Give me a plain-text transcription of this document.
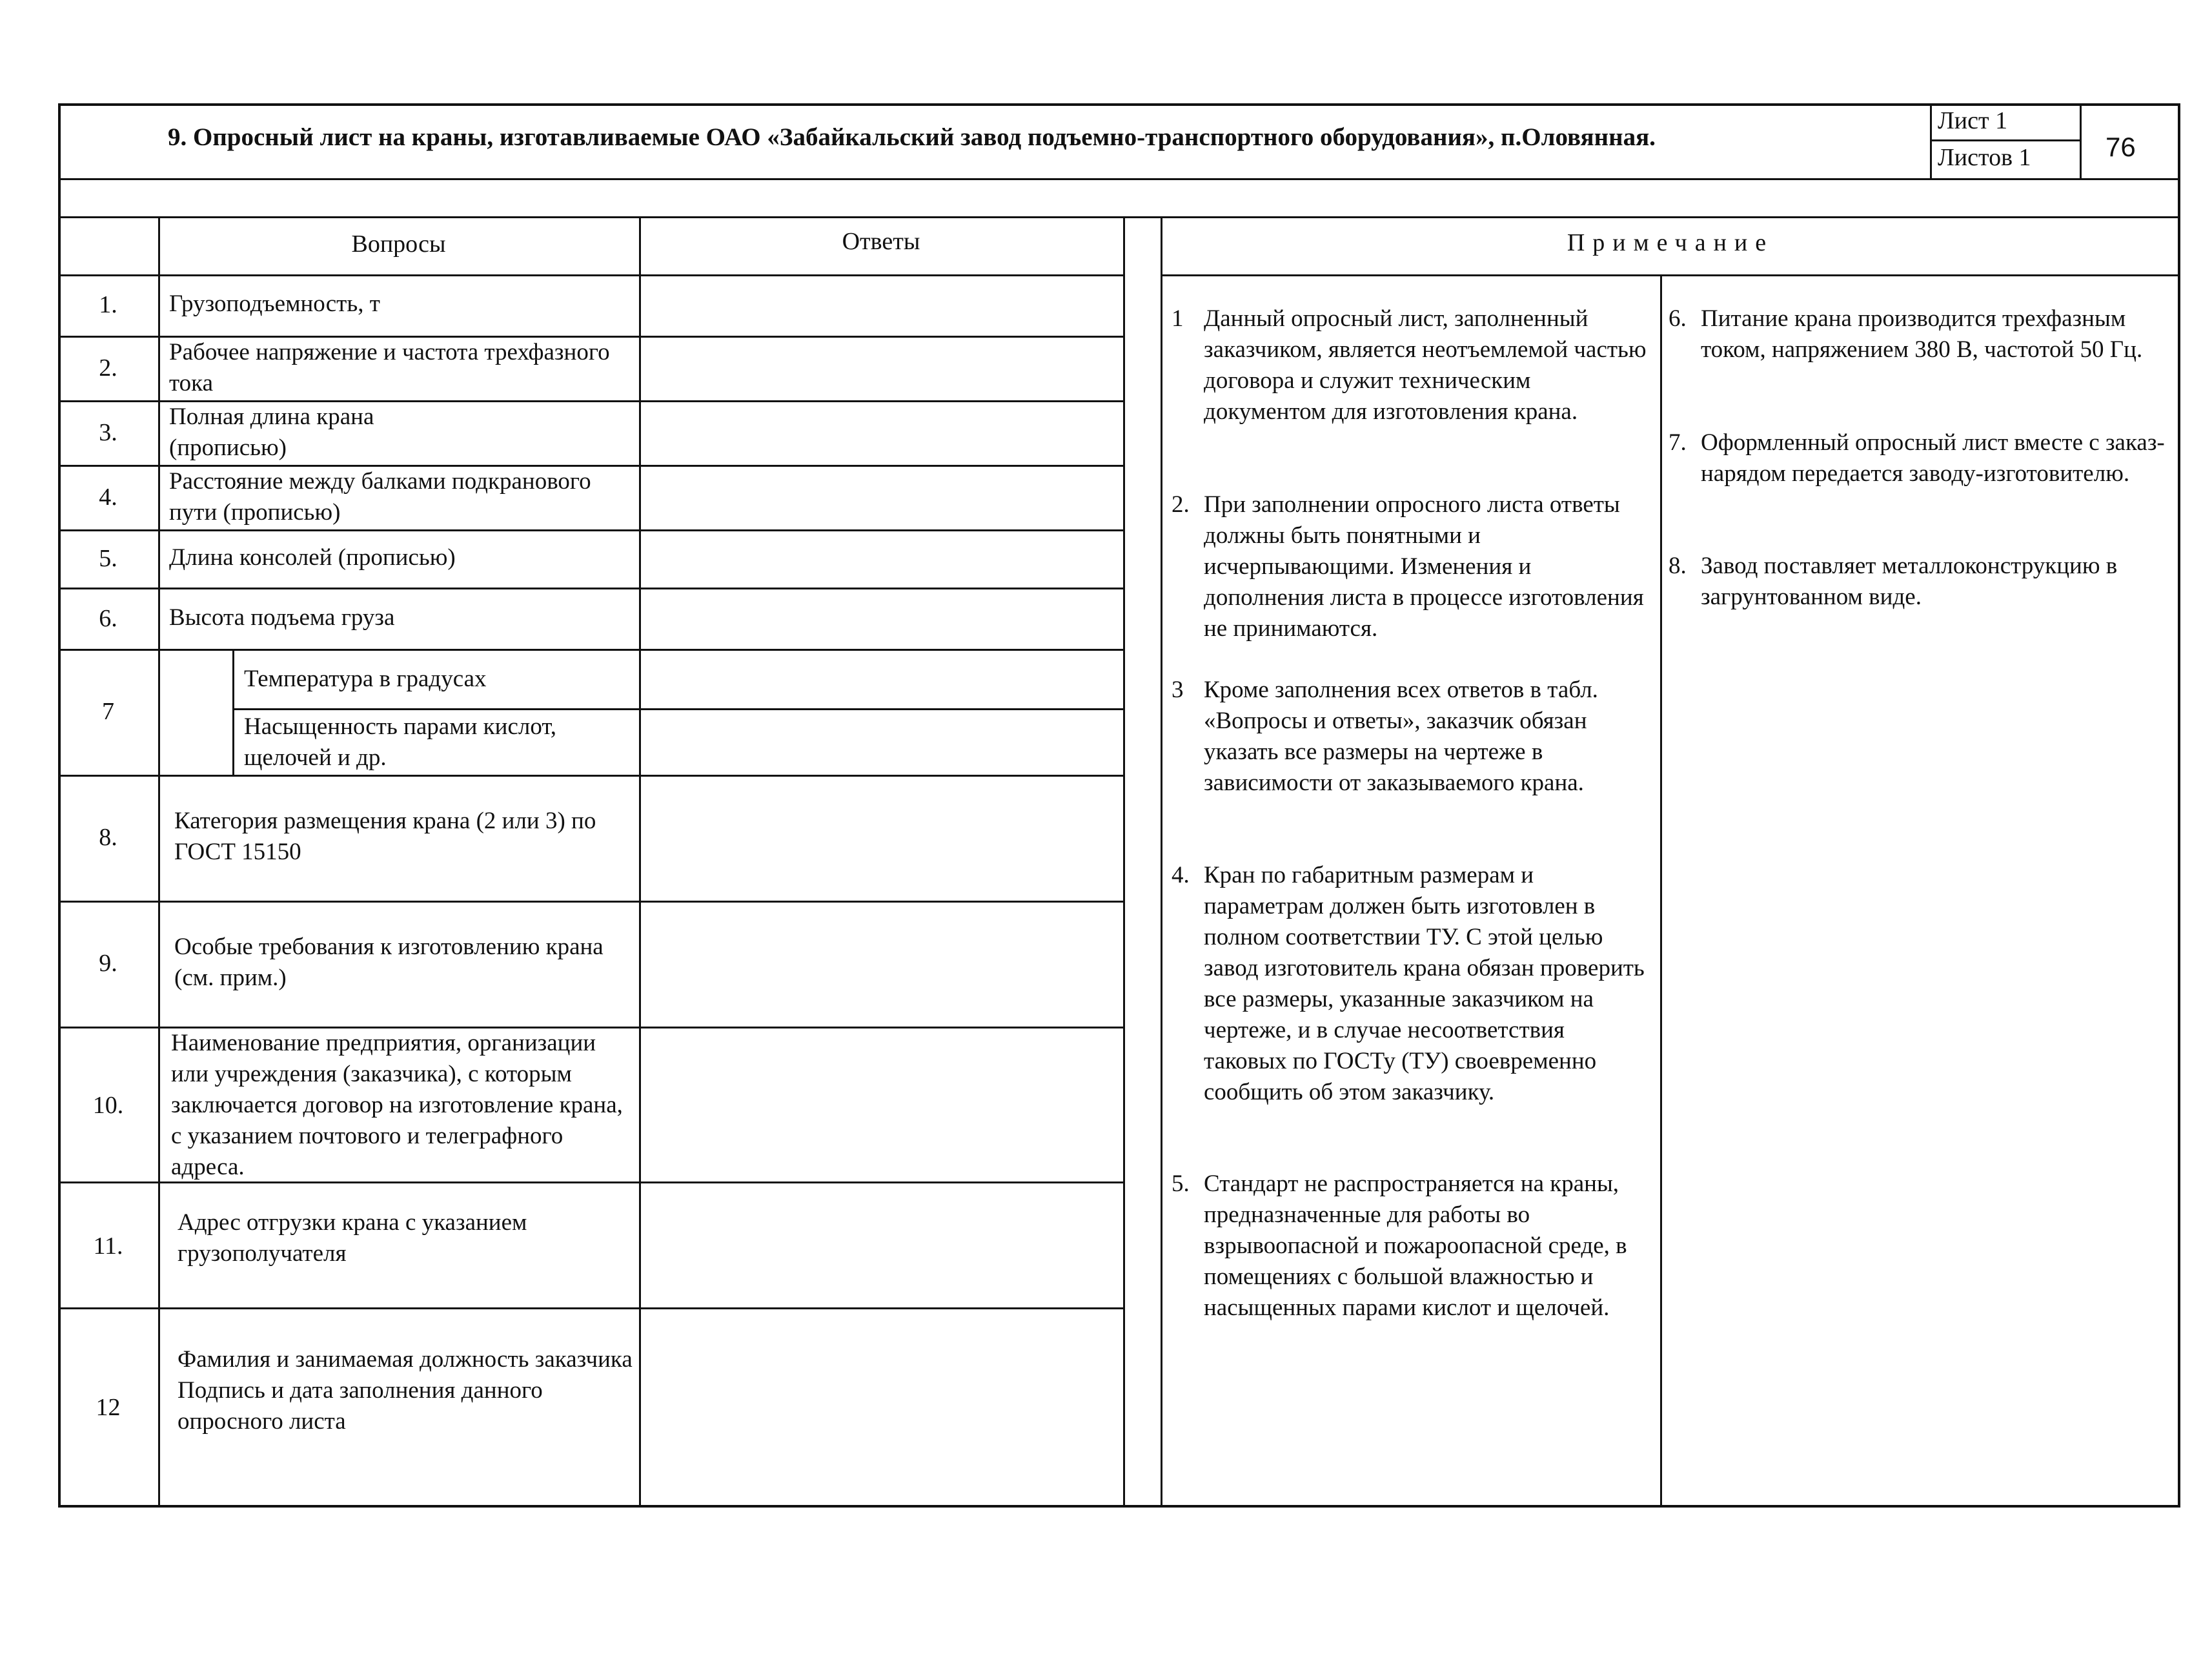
9. Опросный лист на краны, изготавливаемые ОАО «Забайкальский завод подъемно-транспортного оборудования», п.Оловянная.
Лист 1
Листов 1	76
Вопросы	Ответы
1.
2.
3.
4.
5.
6.
7
8.
9.
10.
11.
12
Грузоподъемность, т
Рабочее напряжение и частота трехфазного тока
Полная длина крана (прописью)
Расстояние между балками подкранового пути (прописью)
Длина консолей (прописью)
Высота подъема груза
Температура в градусах
Насыщенность парами кислот, щелочей и др.
Категория размещения крана (2 или 3) по ГОСТ 15150
Особые требования к изготовлению крана (см. прим.)
Наименование предприятия, организации или учреждения (заказчика), с которым заключается договор на изготовление крана, с указанием почтового и телеграфного адреса.
Адрес отгрузки крана с указанием грузополучателя
Фамилия и занимаемая должность заказчика Подпись и дата заполнения данного опросного листа
Примечание
1 Данный опросный лист, заполненный заказчиком, является неотъемлемой частью договора и служит техническим документом для изготовления крана.
2. При заполнении опросного листа ответы должны быть понятными и исчерпывающими. Изменения и дополнения листа в процессе изготовления не принимаются.
3 Кроме заполнения всех ответов в табл. «Вопросы и ответы», заказчик обязан указать все размеры на чертеже в зависимости от заказываемого крана.
4. Кран по габаритным размерам и параметрам должен быть изготовлен в полном соответствии ТУ. С этой целью завод изготовитель крана обязан проверить все размеры, указанные заказчиком на чертеже, и в случае несоответствия таковых по ГОСТу (ТУ) своевременно сообщить об этом заказчику.
5. Стандарт не распространяется на краны, предназначенные для работы во взрывоопасной и пожароопасной среде, в помещениях с большой влажностью и насыщенных парами кислот и щелочей.
6. Питание крана производится трехфазным током, напряжением 380 В, частотой 50 Гц.
7. Оформленный опросный лист вместе с заказ-нарядом передается заводу-изготовителю.
8. Завод поставляет металлоконструкцию в загрунтованном виде.
